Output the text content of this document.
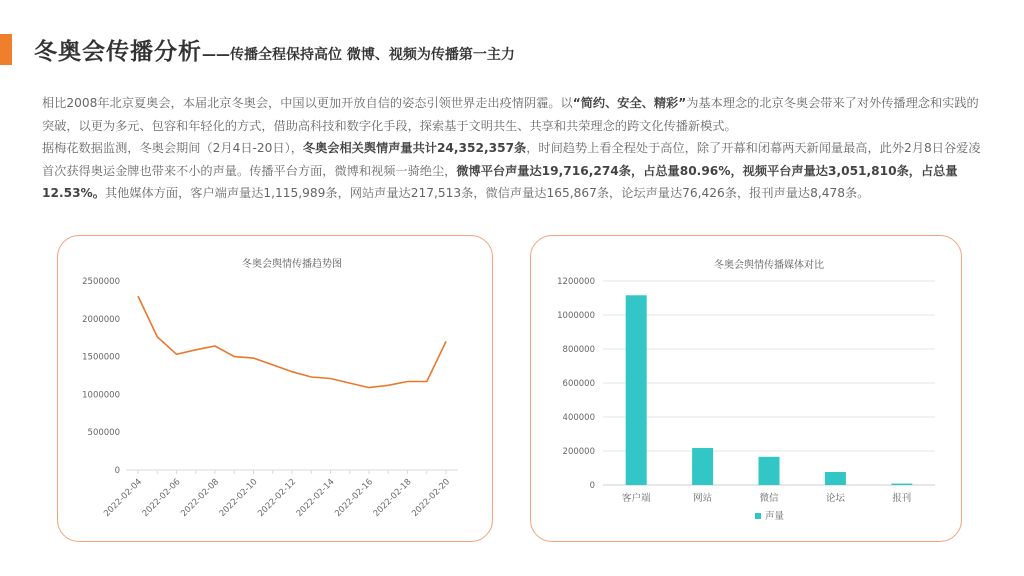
冬奥会传播分析——传播全程保持高位 微博、视频为传播第一主力

相比2008年北京夏奥会，本届北京冬奥会，中国以更加开放自信的姿态引领世界走出疫情阴霾。以“简约、安全、精彩”为基本理念的北京冬奥会带来了对外传播理念和实践的突破，以更为多元、包容和年轻化的方式，借助高科技和数字化手段，探索基于文明共生、共享和共荣理念的跨文化传播新模式。

据梅花数据监测，冬奥会期间（2月4日-20日），冬奥会相关舆情声量共计24,352,357条，时间趋势上看全程处于高位，除了开幕和闭幕两天新闻量最高，此外2月8日谷爱凌首次获得奥运金牌也带来不小的声量。传播平台方面，微博和视频一骑绝尘，微博平台声量达19,716,274条，占总量80.96%，视频平台声量达3,051,810条，占总量12.53%。其他媒体方面，客户端声量达1,115,989条，网站声量达217,513条，微信声量达165,867条，论坛声量达76,426条，报刊声量达8,478条。

冬奥会舆情传播趋势图
0
500000
1000000
1500000
2000000
2500000
2022-02-04
2022-02-06
2022-02-08
2022-02-10
2022-02-12
2022-02-14
2022-02-16
2022-02-18
2022-02-20
冬奥会舆情传播媒体对比
0
200000
400000
600000
800000
1000000
1200000
客户端	网站	微信	论坛	报刊
声量
